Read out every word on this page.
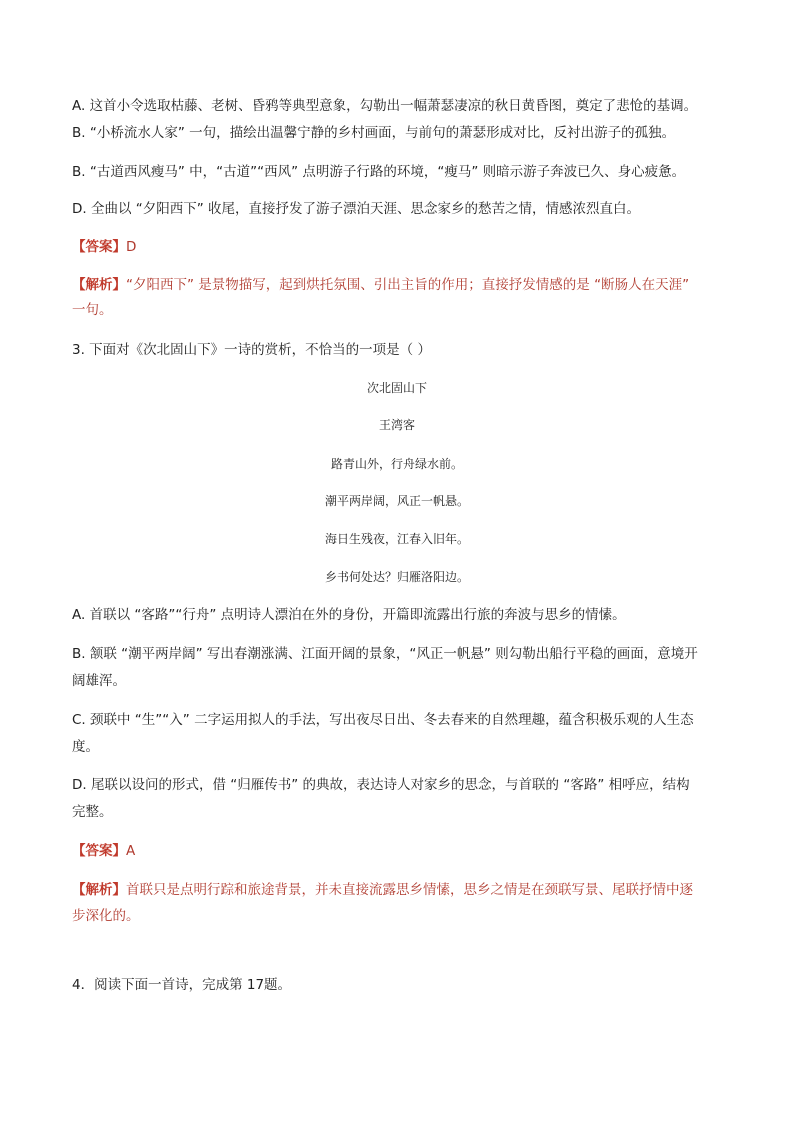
A. 这首小令选取枯藤、老树、昏鸦等典型意象，勾勒出一幅萧瑟凄凉的秋日黄昏图，奠定了悲怆的基调。
B. “小桥流水人家” 一句，描绘出温馨宁静的乡村画面，与前句的萧瑟形成对比，反衬出游子的孤独。
B. “古道西风瘦马” 中，“古道”“西风” 点明游子行路的环境，“瘦马” 则暗示游子奔波已久、身心疲惫。
D. 全曲以 “夕阳西下” 收尾，直接抒发了游子漂泊天涯、思念家乡的愁苦之情，情感浓烈直白。
【答案】D
【解析】“夕阳西下” 是景物描写，起到烘托氛围、引出主旨的作用；直接抒发情感的是 “断肠人在天涯”
一句。
3. 下面对《次北固山下》一诗的赏析，不恰当的一项是（ ）
次北固山下
王湾客
路青山外，行舟绿水前。
潮平两岸阔，风正一帆悬。
海日生残夜，江春入旧年。
乡书何处达？归雁洛阳边。
A. 首联以 “客路”“行舟” 点明诗人漂泊在外的身份，开篇即流露出行旅的奔波与思乡的情愫。
B. 颔联 “潮平两岸阔” 写出春潮涨满、江面开阔的景象，“风正一帆悬” 则勾勒出船行平稳的画面，意境开
阔雄浑。
C. 颈联中 “生”“入” 二字运用拟人的手法，写出夜尽日出、冬去春来的自然理趣，蕴含积极乐观的人生态
度。
D. 尾联以设问的形式，借 “归雁传书” 的典故，表达诗人对家乡的思念，与首联的 “客路” 相呼应，结构
完整。
【答案】A
【解析】首联只是点明行踪和旅途背景，并未直接流露思乡情愫，思乡之情是在颈联写景、尾联抒情中逐
步深化的。
4．阅读下面一首诗，完成第 17题。
